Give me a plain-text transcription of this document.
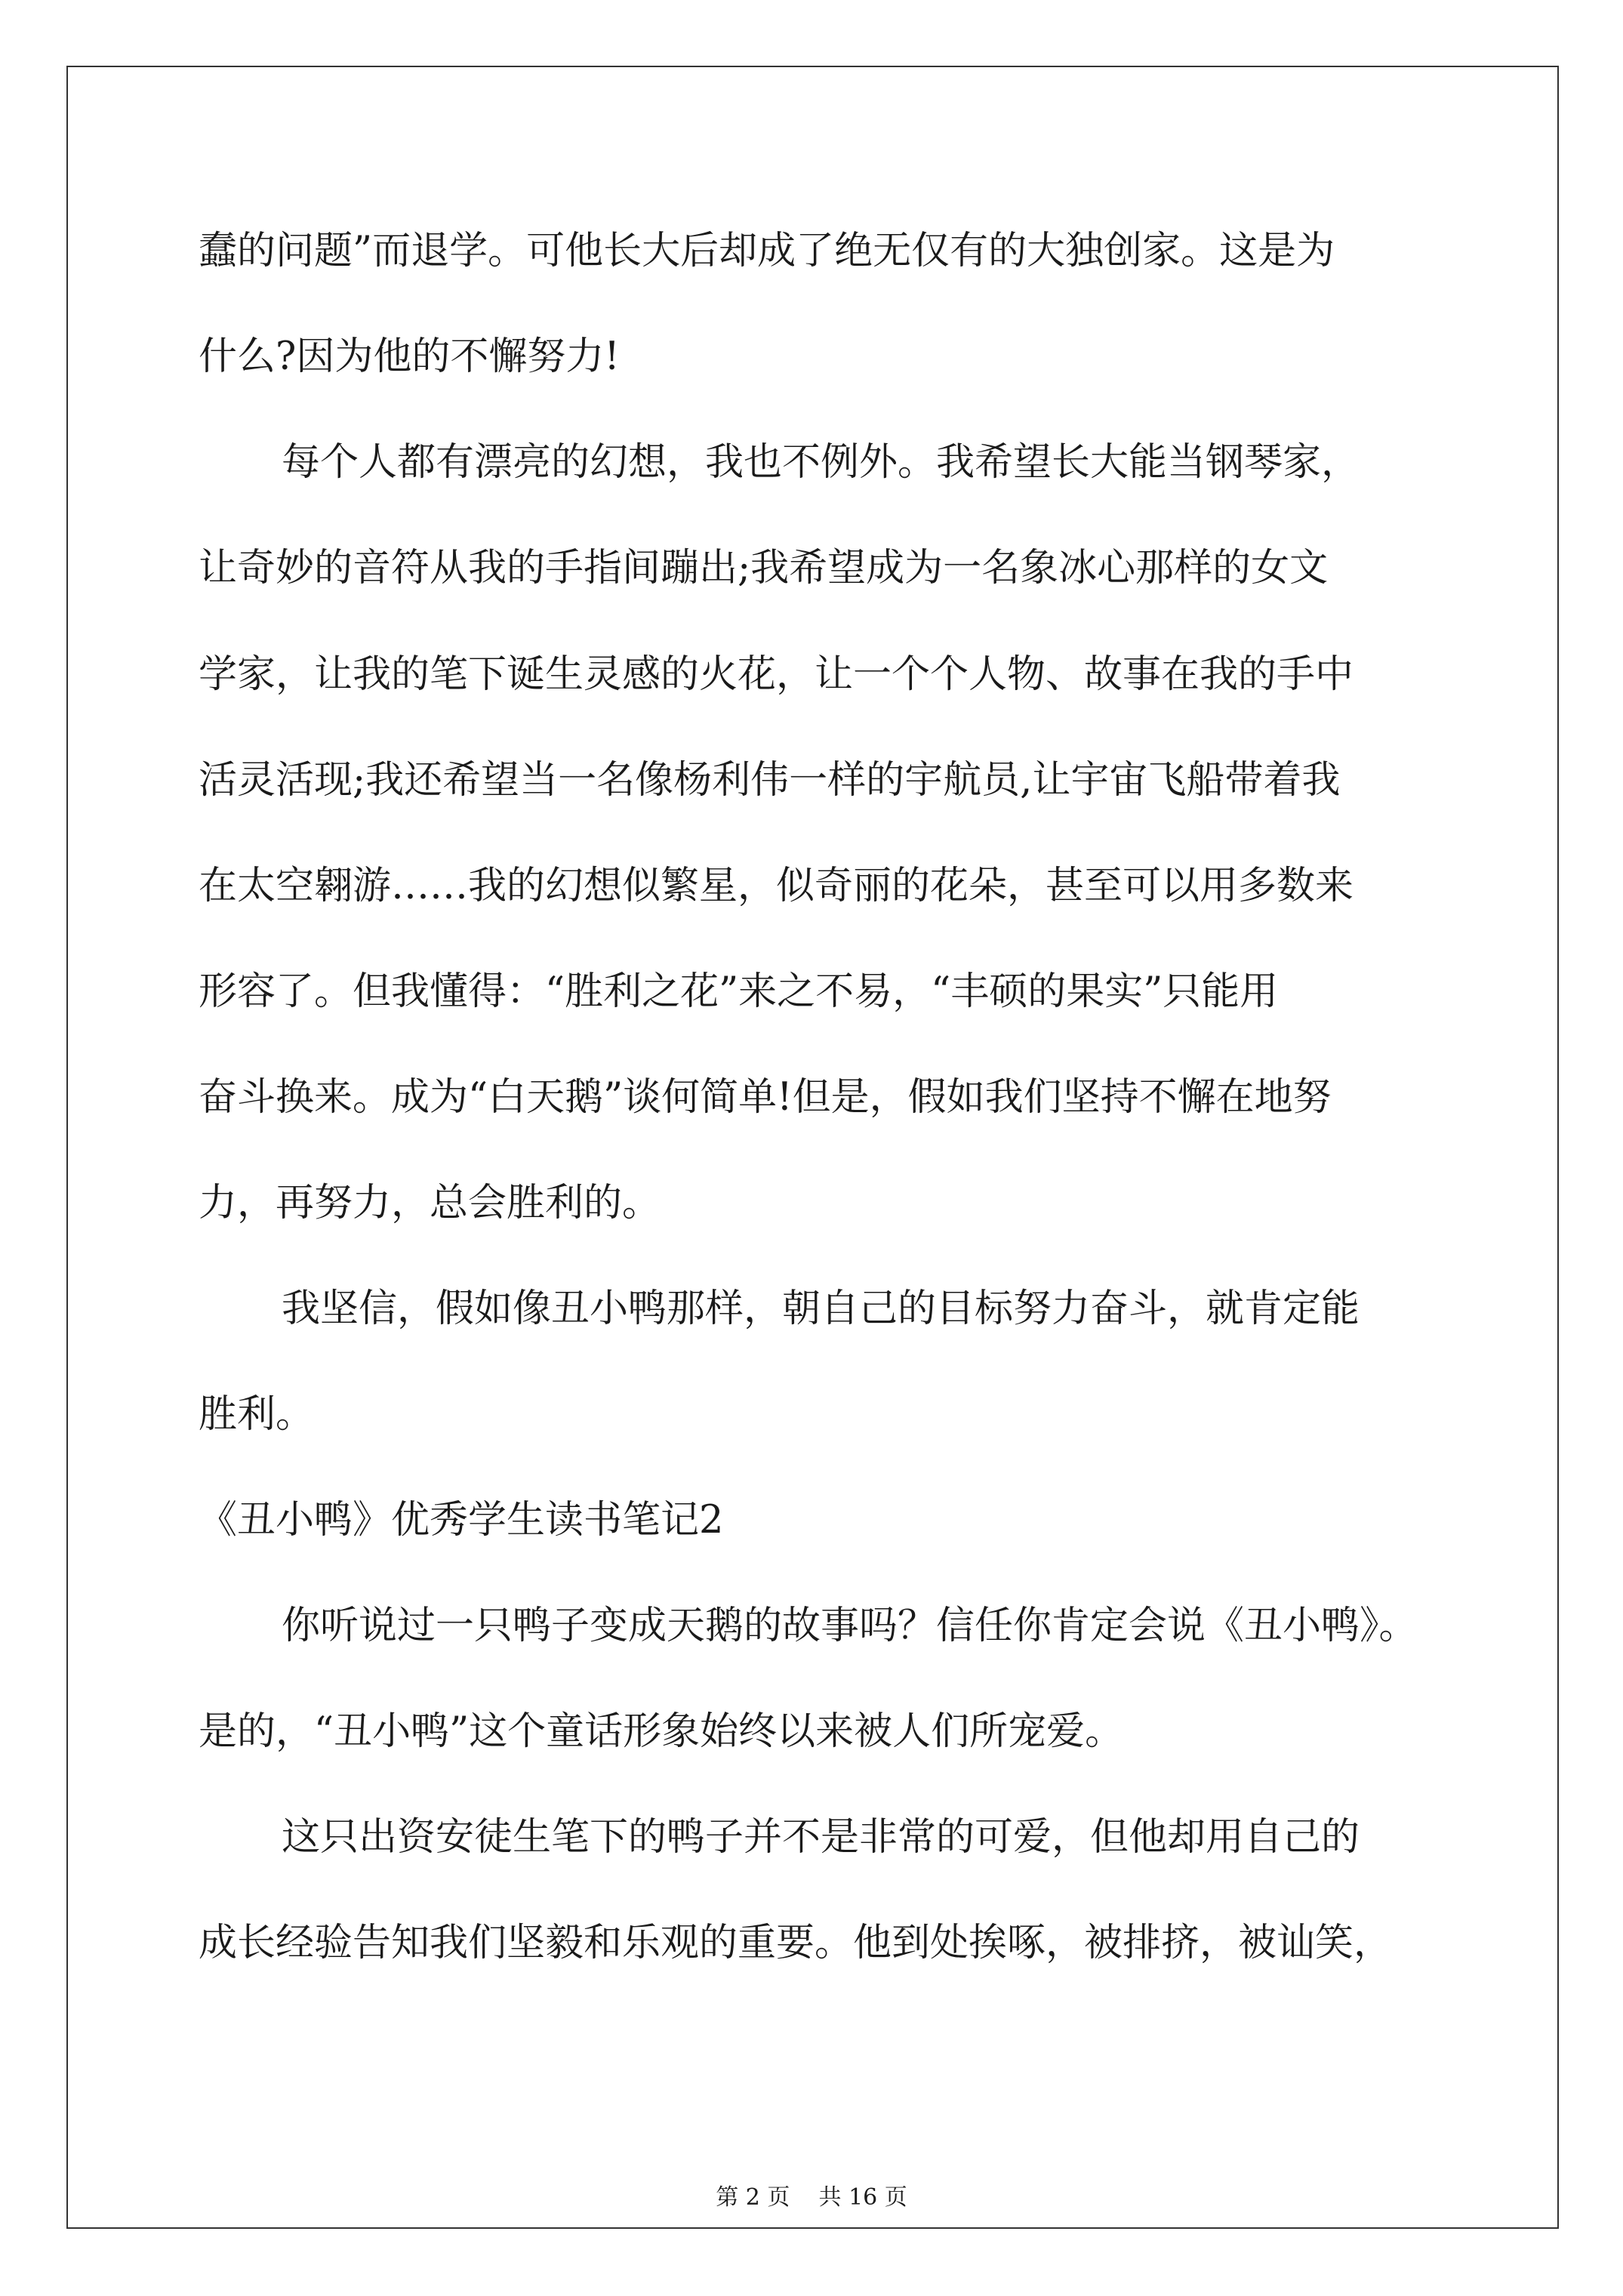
蠢的问题”而退学。可他长大后却成了绝无仅有的大独创家。这是为
什么?因为他的不懈努力!
每个人都有漂亮的幻想，我也不例外。我希望长大能当钢琴家，
让奇妙的音符从我的手指间蹦出;我希望成为一名象冰心那样的女文
学家，让我的笔下诞生灵感的火花，让一个个人物、故事在我的手中
活灵活现;我还希望当一名像杨利伟一样的宇航员,让宇宙飞船带着我
在太空翱游……我的幻想似繁星，似奇丽的花朵，甚至可以用多数来
形容了。但我懂得：“胜利之花”来之不易，“丰硕的果实”只能用
奋斗换来。成为“白天鹅”谈何简单!但是，假如我们坚持不懈在地努
力，再努力，总会胜利的。
我坚信，假如像丑小鸭那样，朝自己的目标努力奋斗，就肯定能
胜利。
《丑小鸭》优秀学生读书笔记2
你听说过一只鸭子变成天鹅的故事吗？信任你肯定会说《丑小鸭》。
是的，“丑小鸭”这个童话形象始终以来被人们所宠爱。
这只出资安徒生笔下的鸭子并不是非常的可爱，但他却用自己的
成长经验告知我们坚毅和乐观的重要。他到处挨啄，被排挤，被讪笑，
第 2 页 共 16 页
